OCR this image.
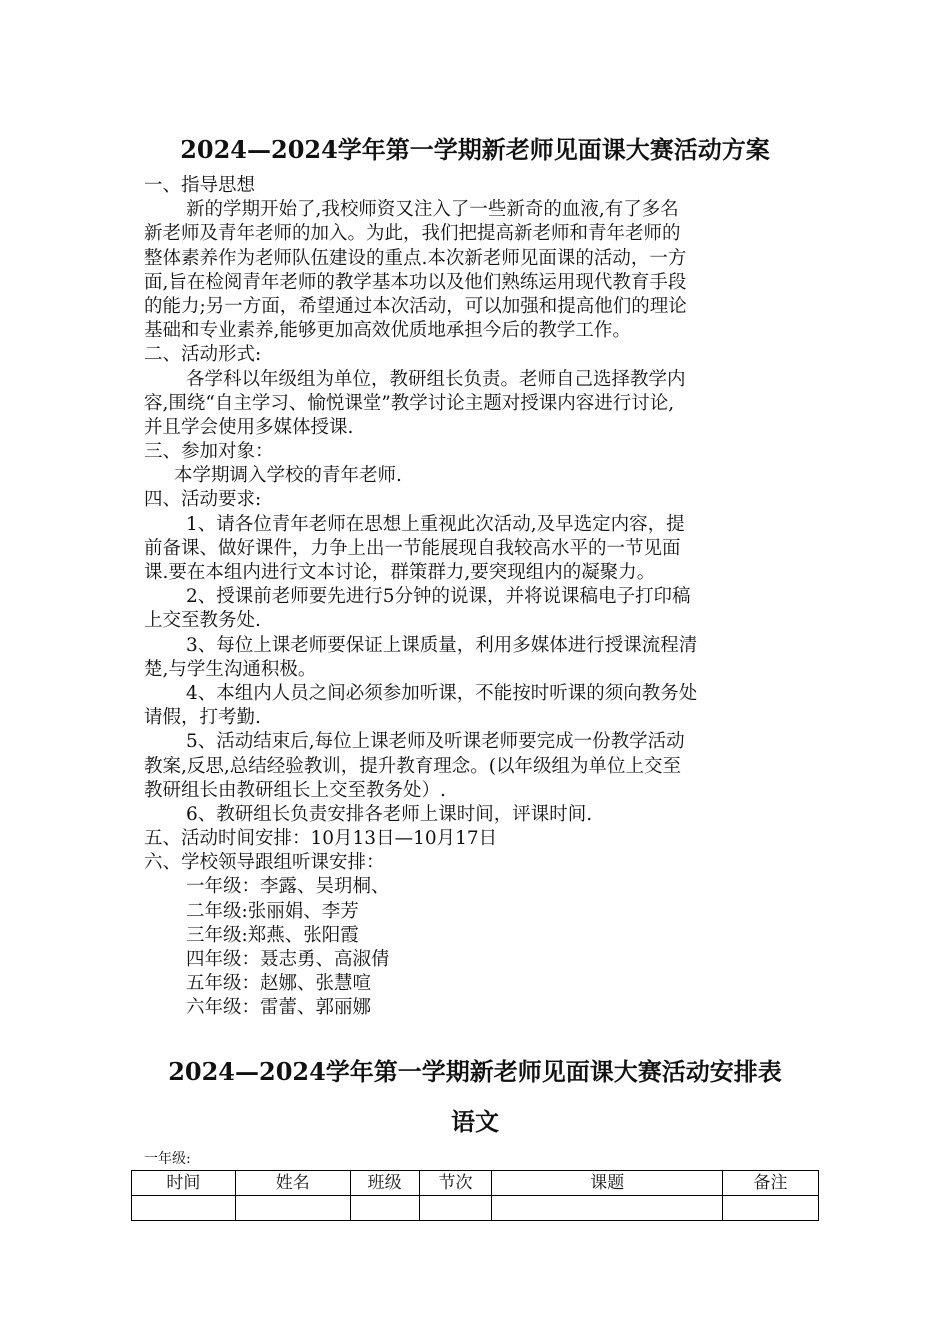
2024—2024学年第一学期新老师见面课大赛活动方案
一、指导思想
新的学期开始了,我校师资又注入了一些新奇的血液,有了多名
新老师及青年老师的加入。为此，我们把提高新老师和青年老师的
整体素养作为老师队伍建设的重点.本次新老师见面课的活动，一方
面,旨在检阅青年老师的教学基本功以及他们熟练运用现代教育手段
的能力;另一方面，希望通过本次活动，可以加强和提高他们的理论
基础和专业素养,能够更加高效优质地承担今后的教学工作。
二、活动形式:
各学科以年级组为单位，教研组长负责。老师自己选择教学内
容,围绕“自主学习、愉悦课堂”教学讨论主题对授课内容进行讨论,
并且学会使用多媒体授课.
三、参加对象：
本学期调入学校的青年老师.
四、活动要求:
1、请各位青年老师在思想上重视此次活动,及早选定内容，提
前备课、做好课件，力争上出一节能展现自我较高水平的一节见面
课.要在本组内进行文本讨论，群策群力,要突现组内的凝聚力。
2、授课前老师要先进行5分钟的说课，并将说课稿电子打印稿
上交至教务处.
3、每位上课老师要保证上课质量，利用多媒体进行授课流程清
楚,与学生沟通积极。
4、本组内人员之间必须参加听课，不能按时听课的须向教务处
请假，打考勤.
5、活动结束后,每位上课老师及听课老师要完成一份教学活动
教案,反思,总结经验教训，提升教育理念。(以年级组为单位上交至
教研组长由教研组长上交至教务处）.
6、教研组长负责安排各老师上课时间，评课时间.
五、活动时间安排：10月13日—10月17日
六、学校领导跟组听课安排：
一年级：李露、吴玥桐、
二年级:张丽娟、李芳
三年级:郑燕、张阳霞
四年级：聂志勇、高淑倩
五年级：赵娜、张慧喧
六年级：雷蕾、郭丽娜
2024—2024学年第一学期新老师见面课大赛活动安排表
语文
一年级:
时间	姓名	班级	节次	课题	备注
